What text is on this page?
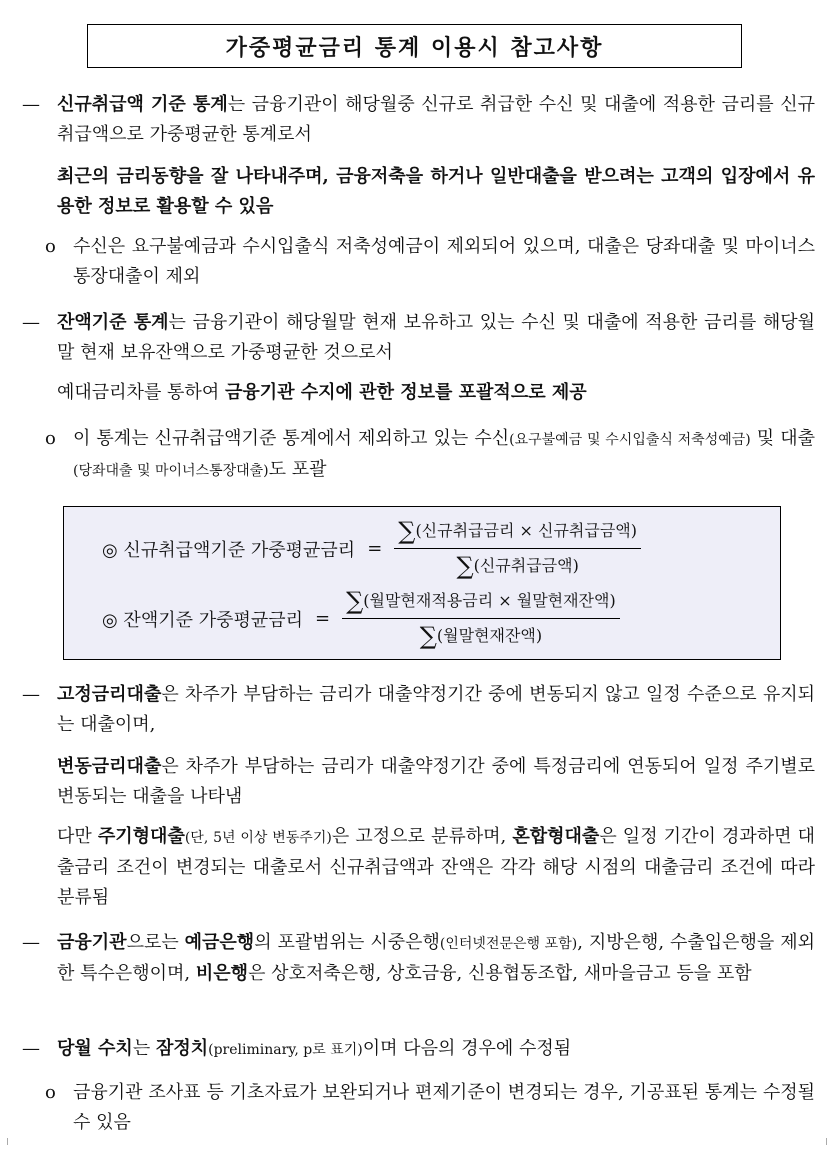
가중평균금리 통계 이용시 참고사항
— 신규취급액 기준 통계는 금융기관이 해당월중 신규로 취급한 수신 및 대출에 적용한 금리를 신규취급액으로 가중평균한 통계로서
최근의 금리동향을 잘 나타내주며, 금융저축을 하거나 일반대출을 받으려는 고객의 입장에서 유용한 정보로 활용할 수 있음
o 수신은 요구불예금과 수시입출식 저축성예금이 제외되어 있으며, 대출은 당좌대출 및 마이너스통장대출이 제외
— 잔액기준 통계는 금융기관이 해당월말 현재 보유하고 있는 수신 및 대출에 적용한 금리를 해당월말 현재 보유잔액으로 가중평균한 것으로서
예대금리차를 통하여 금융기관 수지에 관한 정보를 포괄적으로 제공
o 이 통계는 신규취급액기준 통계에서 제외하고 있는 수신(요구불예금 및 수시입출식 저축성예금) 및 대출(당좌대출 및 마이너스통장대출)도 포괄
◎ 신규취급액기준 가중평균금리 = $\frac{\text{∑(신규취급금리 × 신규취급금액)}}{\text{∑(신규취급금액)}}$
◎ 잔액기준 가중평균금리 = $\frac{\text{∑(월말현재적용금리 × 월말현재잔액)}}{\text{∑(월말현재잔액)}}$
— 고정금리대출은 차주가 부담하는 금리가 대출약정기간 중에 변동되지 않고 일정 수준으로 유지되는 대출이며,
변동금리대출은 차주가 부담하는 금리가 대출약정기간 중에 특정금리에 연동되어 일정 주기별로 변동되는 대출을 나타냄
다만 주기형대출(단, 5년 이상 변동주기)은 고정으로 분류하며, 혼합형대출은 일정 기간이 경과하면 대출금리 조건이 변경되는 대출로서 신규취급액과 잔액은 각각 해당 시점의 대출금리 조건에 따라 분류됨
— 금융기관으로는 예금은행의 포괄범위는 시중은행(인터넷전문은행 포함), 지방은행, 수출입은행을 제외한 특수은행이며, 비은행은 상호저축은행, 상호금융, 신용협동조합, 새마을금고 등을 포함
— 당월 수치는 잠정치(preliminary, p로 표기)이며 다음의 경우에 수정됨
o 금융기관 조사표 등 기초자료가 보완되거나 편제기준이 변경되는 경우, 기공표된 통계는 수정될 수 있음
